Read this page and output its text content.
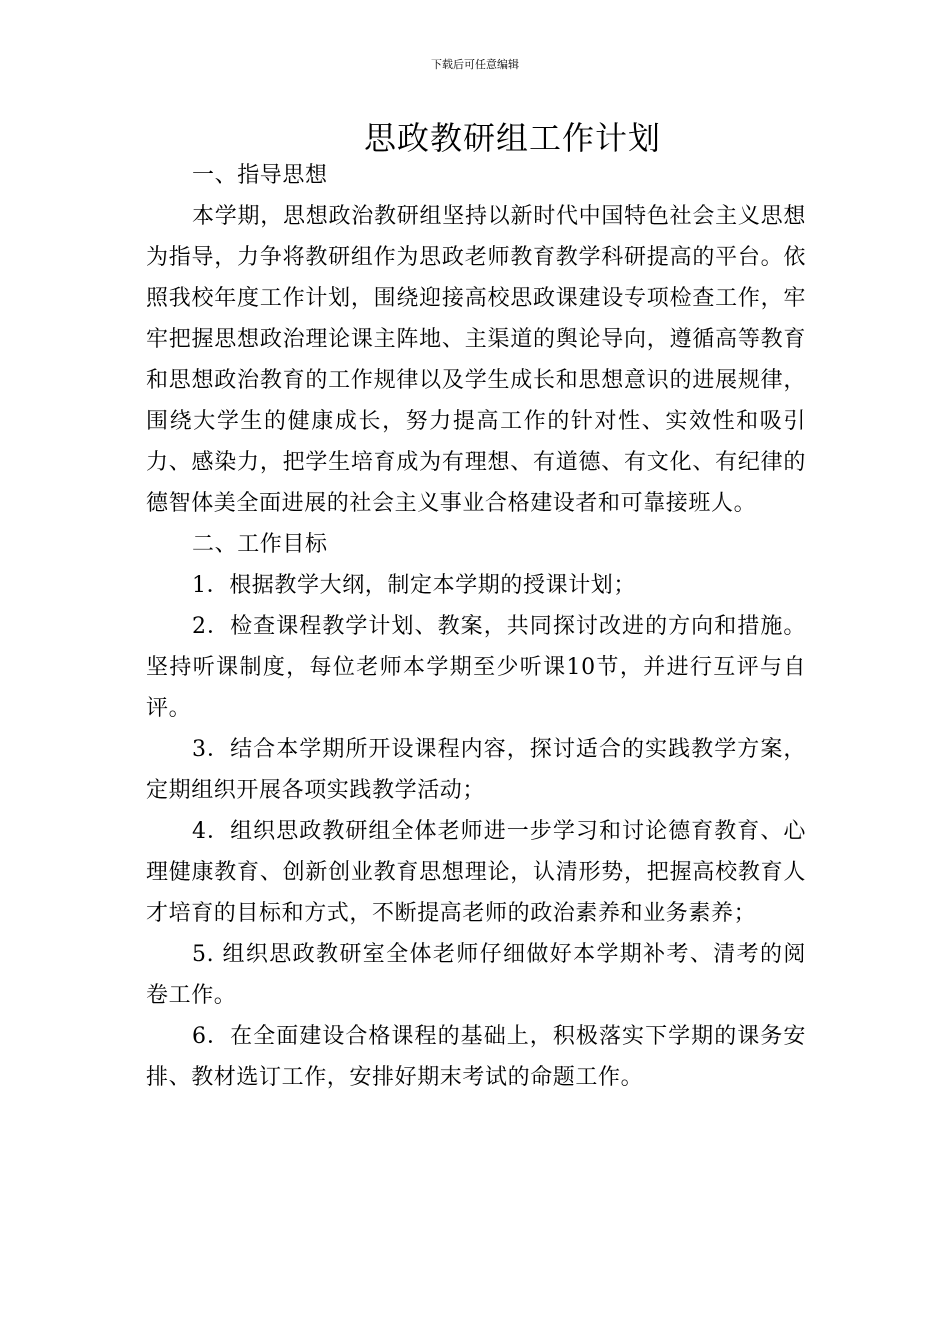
下载后可任意编辑
思政教研组工作计划

一、指导思想

本学期，思想政治教研组坚持以新时代中国特色社会主义思想为指导，力争将教研组作为思政老师教育教学科研提高的平台。依照我校年度工作计划，围绕迎接高校思政课建设专项检查工作，牢牢把握思想政治理论课主阵地、主渠道的舆论导向，遵循高等教育和思想政治教育的工作规律以及学生成长和思想意识的进展规律，围绕大学生的健康成长，努力提高工作的针对性、实效性和吸引力、感染力，把学生培育成为有理想、有道德、有文化、有纪律的德智体美全面进展的社会主义事业合格建设者和可靠接班人。

二、工作目标

1．根据教学大纲，制定本学期的授课计划；

2．检查课程教学计划、教案，共同探讨改进的方向和措施。坚持听课制度，每位老师本学期至少听课10节，并进行互评与自评。

3．结合本学期所开设课程内容，探讨适合的实践教学方案，定期组织开展各项实践教学活动；

4．组织思政教研组全体老师进一步学习和讨论德育教育、心理健康教育、创新创业教育思想理论，认清形势，把握高校教育人才培育的目标和方式，不断提高老师的政治素养和业务素养；

5. 组织思政教研室全体老师仔细做好本学期补考、清考的阅卷工作。

6．在全面建设合格课程的基础上，积极落实下学期的课务安排、教材选订工作，安排好期末考试的命题工作。
